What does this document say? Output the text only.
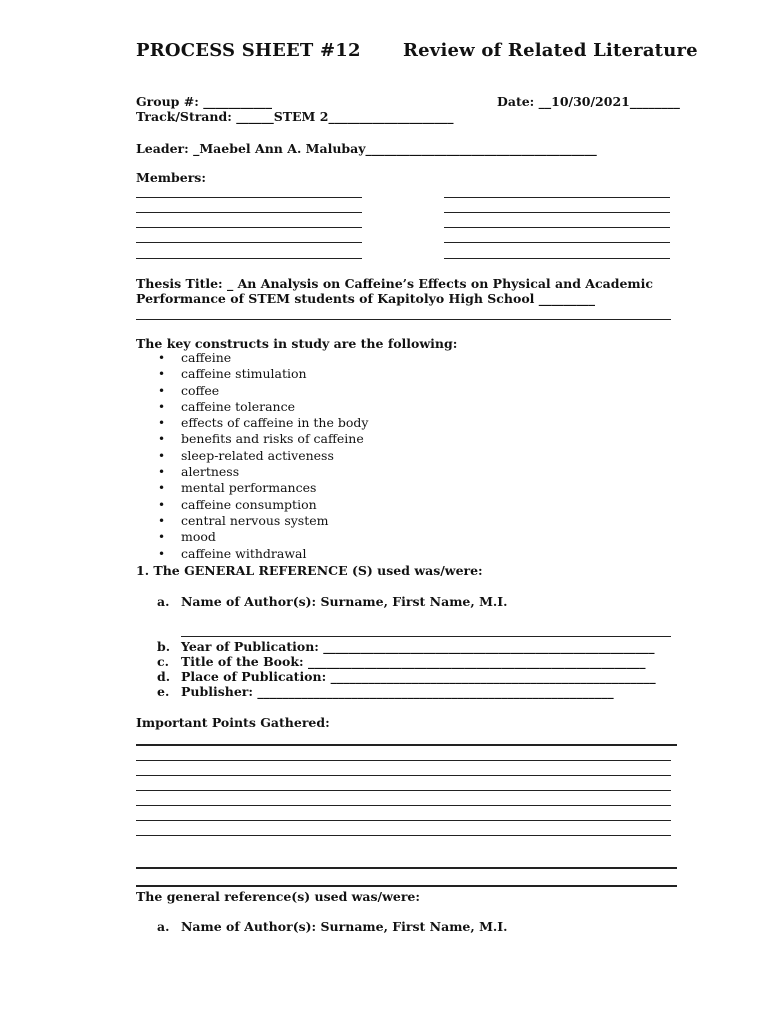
PROCESS SHEET #12 Review of Related Literature
Group #: ___________	Date: __10/30/2021________
Track/Strand: ______STEM 2____________________
Leader: _Maebel Ann A. Malubay_____________________________________
Members:
Thesis Title: _ An Analysis on Caffeine’s Effects on Physical and Academic
Performance of STEM students of Kapitolyo High School _________
The key constructs in study are the following:
• caffeine
• caffeine stimulation
• coffee
• caffeine tolerance
• effects of caffeine in the body
• benefits and risks of caffeine
• sleep-related activeness
• alertness
• mental performances
• caffeine consumption
• central nervous system
• mood
• caffeine withdrawal
1. The GENERAL REFERENCE (S) used was/were:
a. Name of Author(s): Surname, First Name, M.I.
b. Year of Publication: _____________________________________________________
c. Title of the Book: ______________________________________________________
d. Place of Publication: ____________________________________________________
e. Publisher: _________________________________________________________
Important Points Gathered:
The general reference(s) used was/were:
a. Name of Author(s): Surname, First Name, M.I.
